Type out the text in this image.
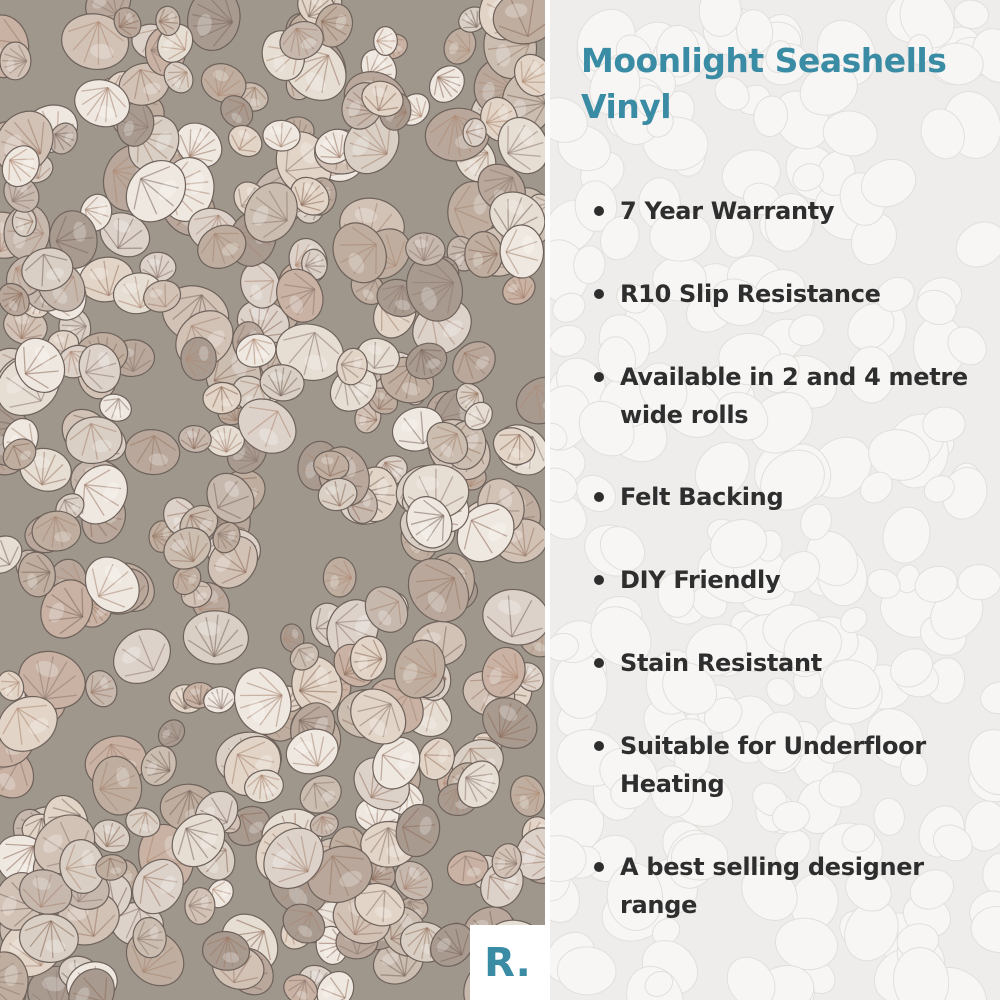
Moonlight Seashells Vinyl
7 Year Warranty
R10 Slip Resistance
Available in 2 and 4 metre wide rolls
Felt Backing
DIY Friendly
Stain Resistant
Suitable for Underfloor Heating
A best selling designer range
R.
